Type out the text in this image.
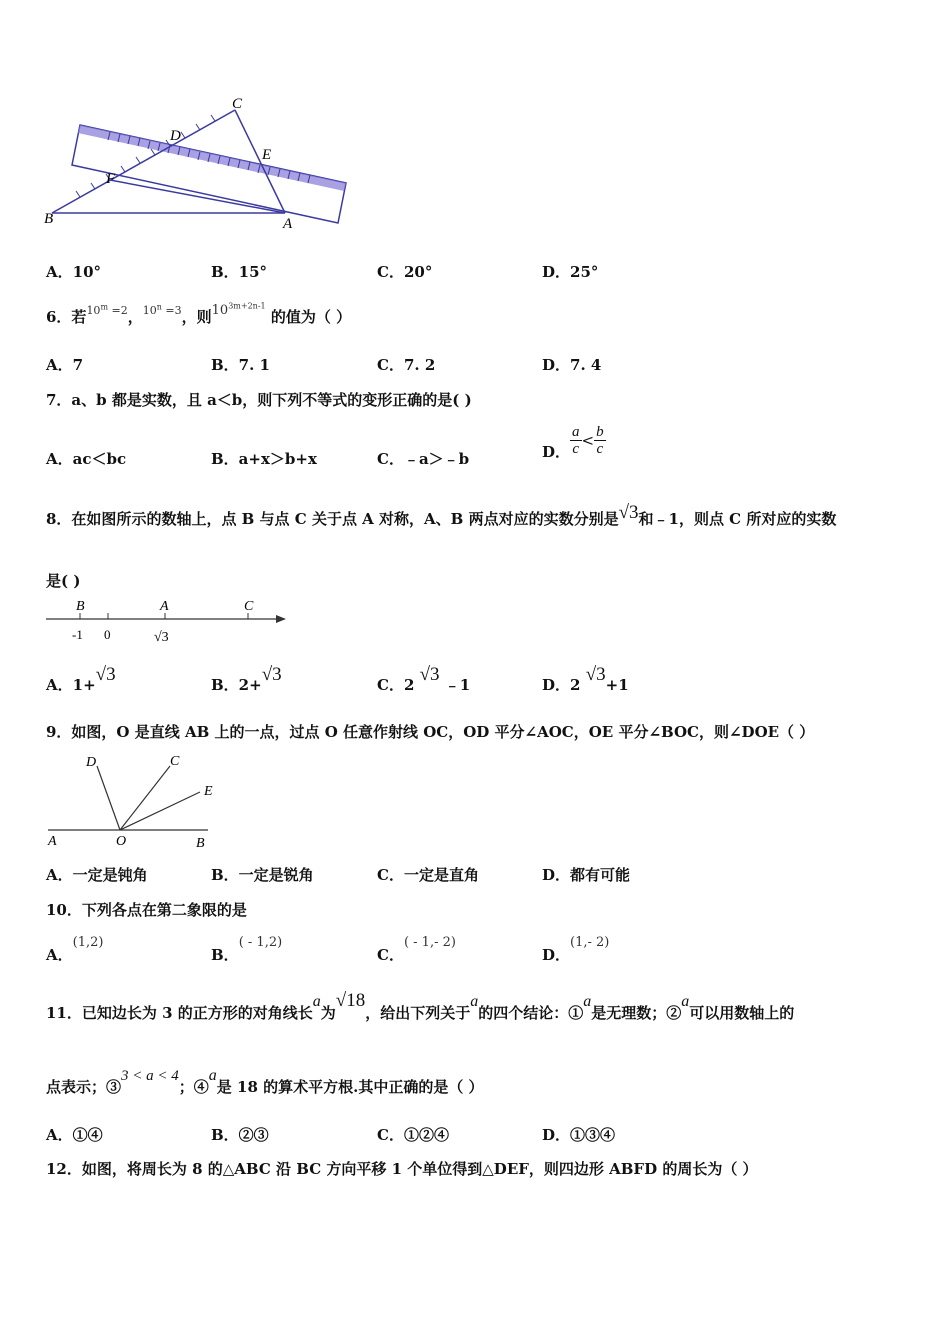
C
D
E
F
B	A
A．10°	B．15°	C．20°	D．25°
6．若$^{10^m =2}$，$^{10^n =3}$，则$10^{3m+2n-1}$ 的值为（ ）
A．7	B．7. 1	C．7. 2	D．7. 4
7．a、b 都是实数，且 a＜b，则下列不等式的变形正确的是( )
A．ac＜bc	B．a+x＞b+x	C．﹣a＞﹣b	D． $\frac{a}{c} < \frac{b}{c}$
8．在如图所示的数轴上，点 B 与点 C 关于点 A 对称，A、B 两点对应的实数分别是√3和﹣1，则点 C 所对应的实数
是( )
B	A	C
-1 0	√3
A．1+√3	B．2+√3	C．2 √3 ﹣1	D．2 √3+1
9．如图，O 是直线 AB 上的一点，过点 O 任意作射线 OC，OD 平分∠AOC，OE 平分∠BOC，则∠DOE（ ）
D	C
E
A	O	B
A．一定是钝角	B．一定是锐角	C．一定是直角	D．都有可能
10．下列各点在第二象限的是
A．(1,2)
B．( - 1,2)
C．( - 1,- 2)
D．(1,- 2)
11．已知边长为 3 的正方形的对角线长a为√18，给出下列关于a的四个结论：①a是无理数；②a可以用数轴上的
点表示；③3 < a < 4；④a是 18 的算术平方根.其中正确的是（ ）
A．①④	B．②③	C．①②④	D．①③④
12．如图，将周长为 8 的△ABC 沿 BC 方向平移 1 个单位得到△DEF，则四边形 ABFD 的周长为（ ）
